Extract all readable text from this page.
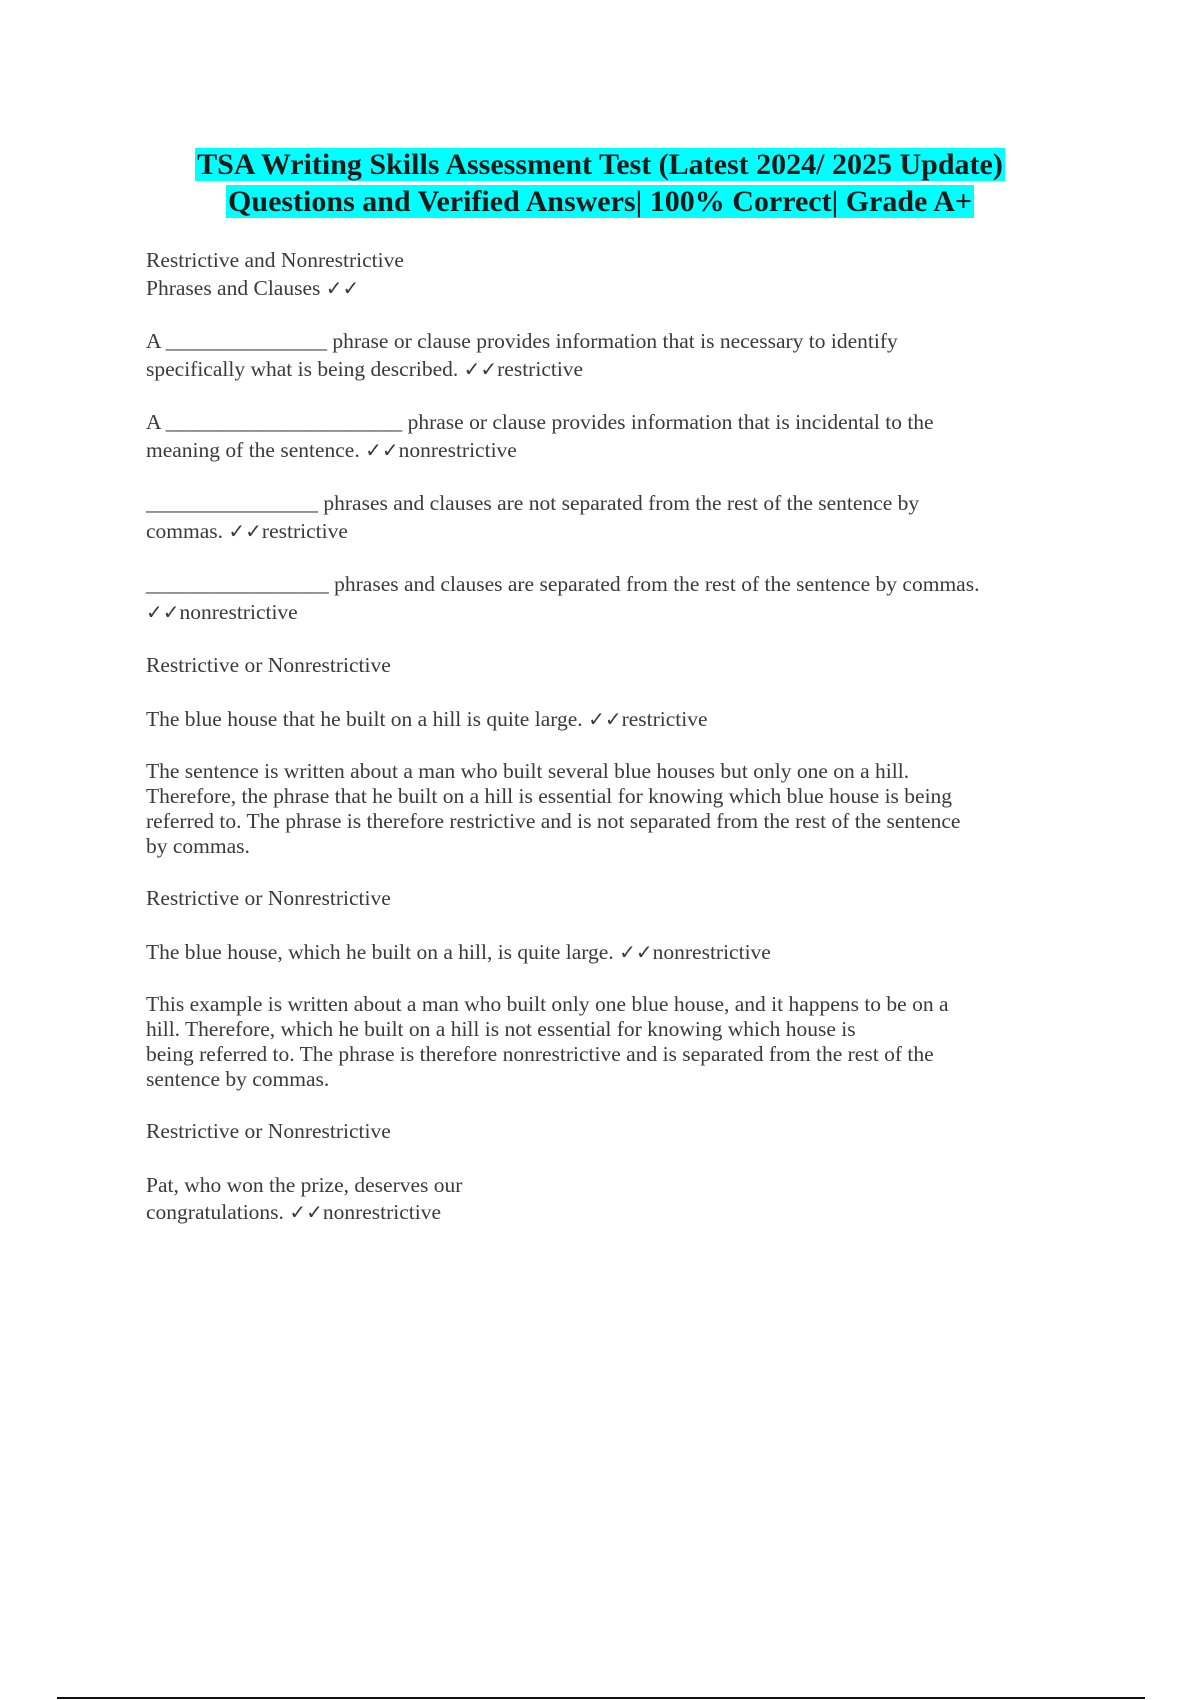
TSA Writing Skills Assessment Test (Latest 2024/ 2025 Update)
Questions and Verified Answers| 100% Correct| Grade A+

Restrictive and Nonrestrictive
Phrases and Clauses ✓✓

A _______________ phrase or clause provides information that is necessary to identify
specifically what is being described. ✓✓restrictive

A ______________________ phrase or clause provides information that is incidental to the
meaning of the sentence. ✓✓nonrestrictive

________________ phrases and clauses are not separated from the rest of the sentence by
commas. ✓✓restrictive

_________________ phrases and clauses are separated from the rest of the sentence by commas.
✓✓nonrestrictive

Restrictive or Nonrestrictive

The blue house that he built on a hill is quite large. ✓✓restrictive

The sentence is written about a man who built several blue houses but only one on a hill.
Therefore, the phrase that he built on a hill is essential for knowing which blue house is being
referred to. The phrase is therefore restrictive and is not separated from the rest of the sentence
by commas.

Restrictive or Nonrestrictive

The blue house, which he built on a hill, is quite large. ✓✓nonrestrictive

This example is written about a man who built only one blue house, and it happens to be on a
hill. Therefore, which he built on a hill is not essential for knowing which house is
being referred to. The phrase is therefore nonrestrictive and is separated from the rest of the
sentence by commas.

Restrictive or Nonrestrictive

Pat, who won the prize, deserves our
congratulations. ✓✓nonrestrictive
